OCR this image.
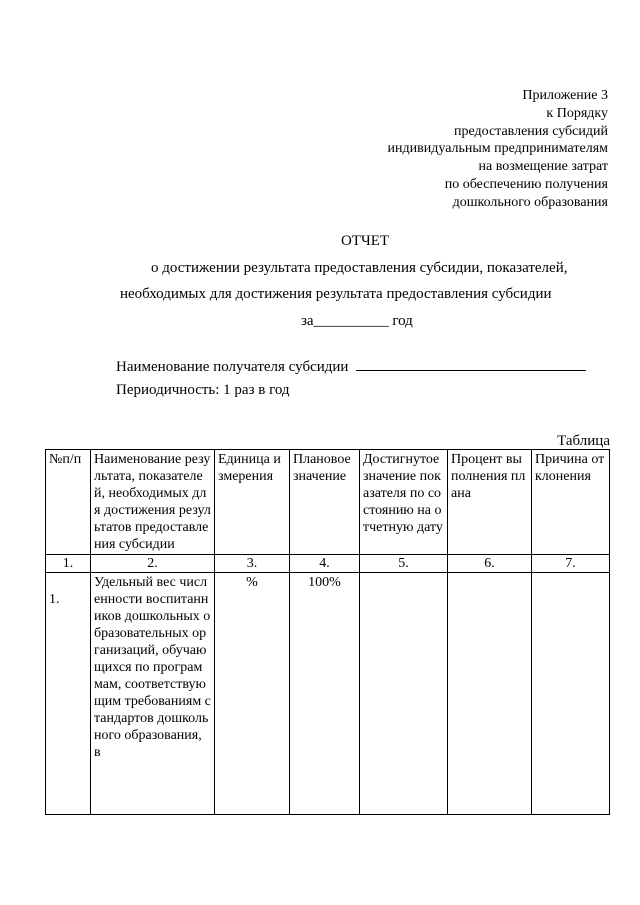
Приложение 3
к Порядку
предоставления субсидий
индивидуальным предпринимателям
на возмещение затрат
по обеспечению получения
дошкольного образования
ОТЧЕТ
о достижении результата предоставления субсидии, показателей,
необходимых для достижения результата предоставления субсидии
за__________ год
Наименование получателя субсидии
Периодичность: 1 раз в год
Таблица
№п/п	Наименование результата, показателей, необходимых для достижения результатов предоставления субсидии	Единица измерения	Плановое значение	Достигнутое значение показателя по состоянию на отчетную дату	Процент выполнения плана	Причина отклонения
1.	2.	3.	4.	5.	6.	7.
1.	Удельный вес численности воспитанников дошкольных образовательных организаций, обучающихся по программам, соответствующим требованиям стандартов дошкольного образования, в	%	100%			
